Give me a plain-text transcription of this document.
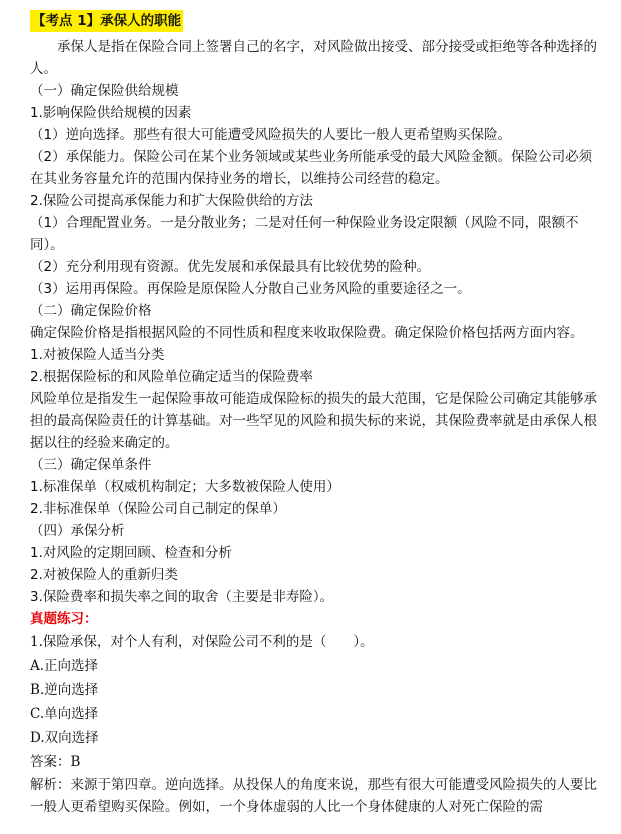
【考点 1】承保人的职能

承保人是指在保险合同上签署自己的名字，对风险做出接受、部分接受或拒绝等各种选择的人。

（一）确定保险供给规模

1.影响保险供给规模的因素

（1）逆向选择。那些有很大可能遭受风险损失的人要比一般人更希望购买保险。

（2）承保能力。保险公司在某个业务领域或某些业务所能承受的最大风险金额。保险公司必须在其业务容量允许的范围内保持业务的增长，以维持公司经营的稳定。

2.保险公司提高承保能力和扩大保险供给的方法

（1）合理配置业务。一是分散业务；二是对任何一种保险业务设定限额（风险不同，限额不同）。

（2）充分利用现有资源。优先发展和承保最具有比较优势的险种。

（3）运用再保险。再保险是原保险人分散自己业务风险的重要途径之一。

（二）确定保险价格

确定保险价格是指根据风险的不同性质和程度来收取保险费。确定保险价格包括两方面内容。

1.对被保险人适当分类

2.根据保险标的和风险单位确定适当的保险费率

风险单位是指发生一起保险事故可能造成保险标的损失的最大范围，它是保险公司确定其能够承担的最高保险责任的计算基础。对一些罕见的风险和损失标的来说，其保险费率就是由承保人根据以往的经验来确定的。

（三）确定保单条件

1.标准保单（权威机构制定；大多数被保险人使用）

2.非标准保单（保险公司自己制定的保单）

（四）承保分析

1.对风险的定期回顾、检查和分析

2.对被保险人的重新归类

3.保险费率和损失率之间的取舍（主要是非寿险）。

真题练习：

1.保险承保，对个人有利，对保险公司不利的是（　　）。

A.正向选择

B.逆向选择

C.单向选择

D.双向选择

答案：B

解析：来源于第四章。逆向选择。从投保人的角度来说，那些有很大可能遭受风险损失的人要比一般人更希望购买保险。例如，一个身体虚弱的人比一个身体健康的人对死亡保险的需
